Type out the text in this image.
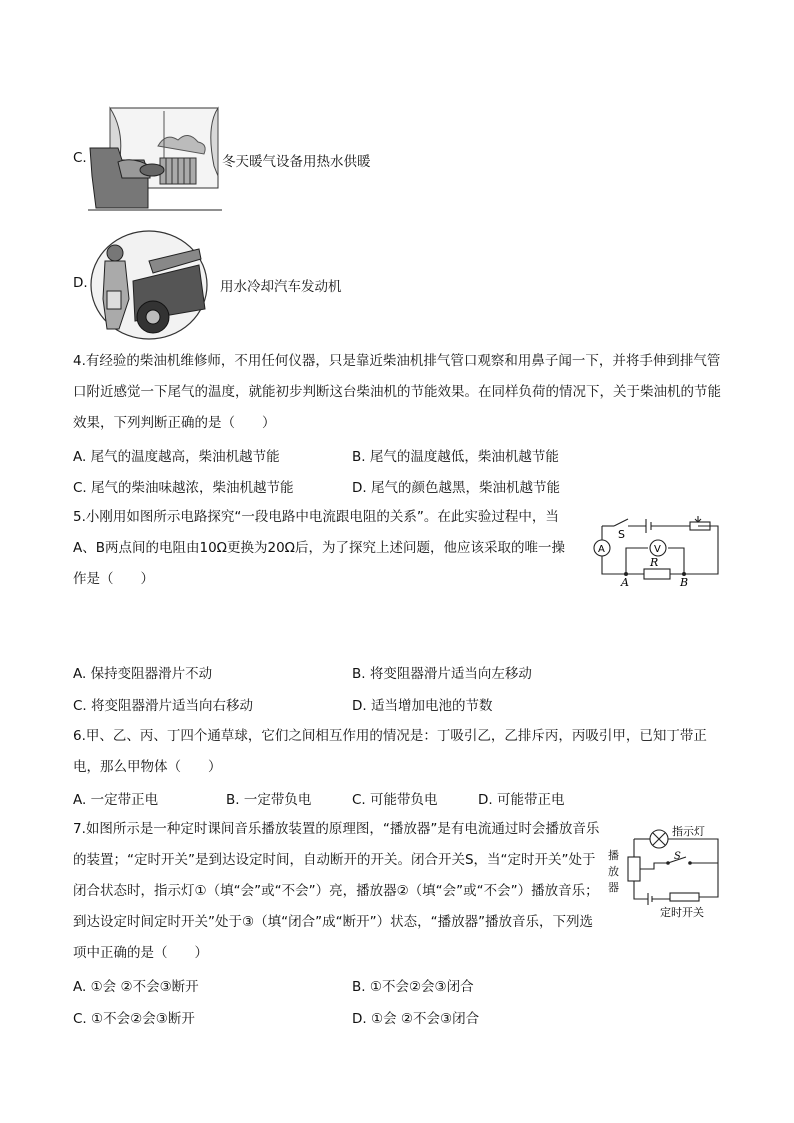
C.	冬天暖气设备用热水供暖
D.	用水冷却汽车发动机
4.有经验的柴油机维修师，不用任何仪器，只是靠近柴油机排气管口观察和用鼻子闻一下，并将手伸到排气管口附近感觉一下尾气的温度，就能初步判断这台柴油机的节能效果。在同样负荷的情况下，关于柴油机的节能效果，下列判断正确的是（　　）
A. 尾气的温度越高，柴油机越节能	B. 尾气的温度越低，柴油机越节能
C. 尾气的柴油味越浓，柴油机越节能	D. 尾气的颜色越黑，柴油机越节能
5.小刚用如图所示电路探究“一段电路中电流跟电阻的关系”。在此实验过程中，当A、B两点间的电阻由10Ω更换为20Ω后，为了探究上述问题，他应该采取的唯一操作是（　　）
S
A	V
R
A	B
A. 保持变阻器滑片不动	B. 将变阻器滑片适当向左移动
C. 将变阻器滑片适当向右移动	D. 适当增加电池的节数
6.甲、乙、丙、丁四个通草球，它们之间相互作用的情况是：丁吸引乙，乙排斥丙，丙吸引甲，已知丁带正电，那么甲物体（　　）
A. 一定带正电	B. 一定带负电	C. 可能带负电	D. 可能带正电
7.如图所示是一种定时课间音乐播放装置的原理图，“播放器”是有电流通过时会播放音乐的装置；“定时开关”是到达设定时间，自动断开的开关。闭合开关S，当“定时开关”处于闭合状态时，指示灯①（填“会”或“不会”）亮，播放器②（填“会”或“不会”）播放音乐；到达设定时间定时开关”处于③（填“闭合”成“断开”）状态，“播放器”播放音乐，下列选项中正确的是（　　）
指示灯
S
定时开关
播放器
A. ①会 ②不会③断开	B. ①不会②会③闭合
C. ①不会②会③断开	D. ①会 ②不会③闭合
